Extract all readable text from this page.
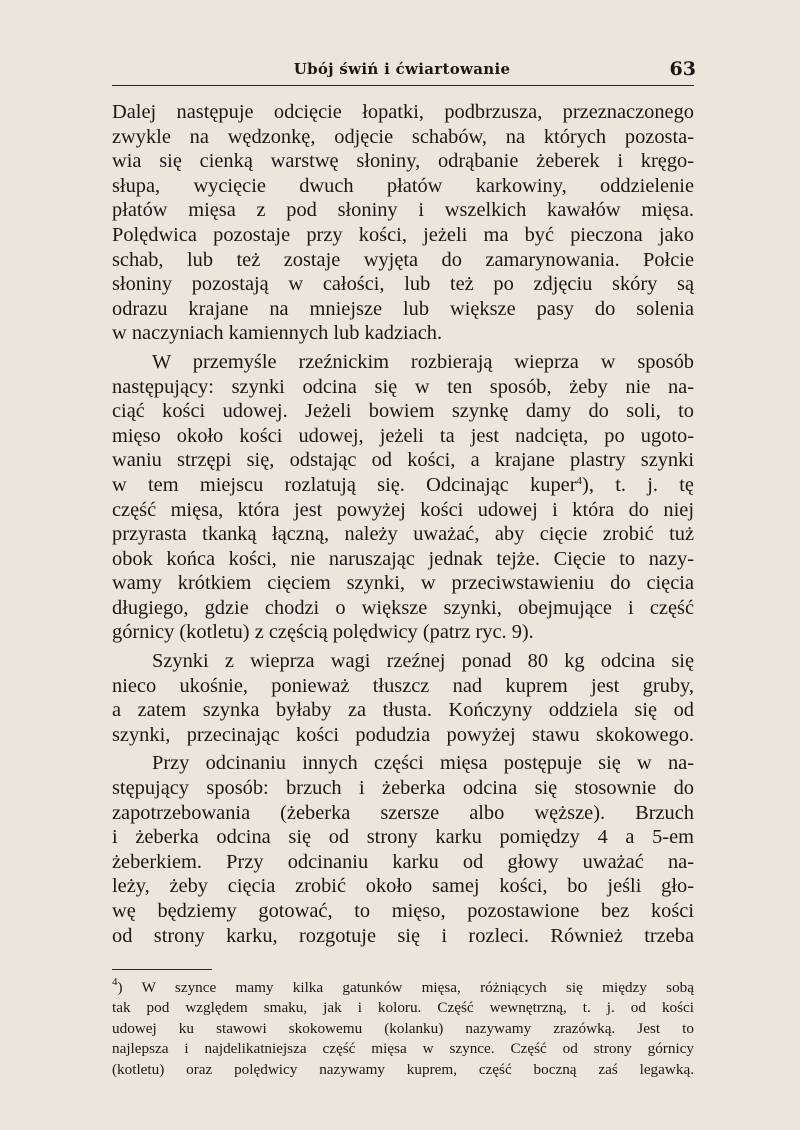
Ubój świń i ćwiartowanie	63

Dalej następuje odcięcie łopatki, podbrzusza, przeznaczonego
zwykle na wędzonkę, odjęcie schabów, na których pozosta-
wia się cienką warstwę słoniny, odrąbanie żeberek i kręgo-
słupa, wycięcie dwuch płatów karkowiny, oddzielenie
płatów mięsa z pod słoniny i wszelkich kawałów mięsa.
Polędwica pozostaje przy kości, jeżeli ma być pieczona jako
schab, lub też zostaje wyjęta do zamarynowania. Połcie
słoniny pozostają w całości, lub też po zdjęciu skóry są
odrazu krajane na mniejsze lub większe pasy do solenia
w naczyniach kamiennych lub kadziach.

W przemyśle rzeźnickim rozbierają wieprza w sposób
następujący: szynki odcina się w ten sposób, żeby nie na-
ciąć kości udowej. Jeżeli bowiem szynkę damy do soli, to
mięso około kości udowej, jeżeli ta jest nadcięta, po ugoto-
waniu strzępi się, odstając od kości, a krajane plastry szynki
w tem miejscu rozlatują się. Odcinając kuper$^4$), t. j. tę
część mięsa, która jest powyżej kości udowej i która do niej
przyrasta tkanką łączną, należy uważać, aby cięcie zrobić tuż
obok końca kości, nie naruszając jednak tejże. Cięcie to nazy-
wamy krótkiem cięciem szynki, w przeciwstawieniu do cięcia
długiego, gdzie chodzi o większe szynki, obejmujące i część
górnicy (kotletu) z częścią polędwicy (patrz ryc. 9).

Szynki z wieprza wagi rzeźnej ponad 80 kg odcina się
nieco ukośnie, ponieważ tłuszcz nad kuprem jest gruby,
a zatem szynka byłaby za tłusta. Kończyny oddziela się od
szynki, przecinając kości podudzia powyżej stawu skokowego.

Przy odcinaniu innych części mięsa postępuje się w na-
stępujący sposób: brzuch i żeberka odcina się stosownie do
zapotrzebowania (żeberka szersze albo węższe). Brzuch
i żeberka odcina się od strony karku pomiędzy 4 a 5-em
żeberkiem. Przy odcinaniu karku od głowy uważać na-
leży, żeby cięcia zrobić około samej kości, bo jeśli gło-
wę będziemy gotować, to mięso, pozostawione bez kości
od strony karku, rozgotuje się i rozleci. Również trzeba

$^4$) W szynce mamy kilka gatunków mięsa, różniących się między sobą
tak pod względem smaku, jak i koloru. Część wewnętrzną, t. j. od kości
udowej ku stawowi skokowemu (kolanku) nazywamy zrazówką. Jest to
najlepsza i najdelikatniejsza część mięsa w szynce. Część od strony górnicy
(kotletu) oraz polędwicy nazywamy kuprem, część boczną zaś legawką.
